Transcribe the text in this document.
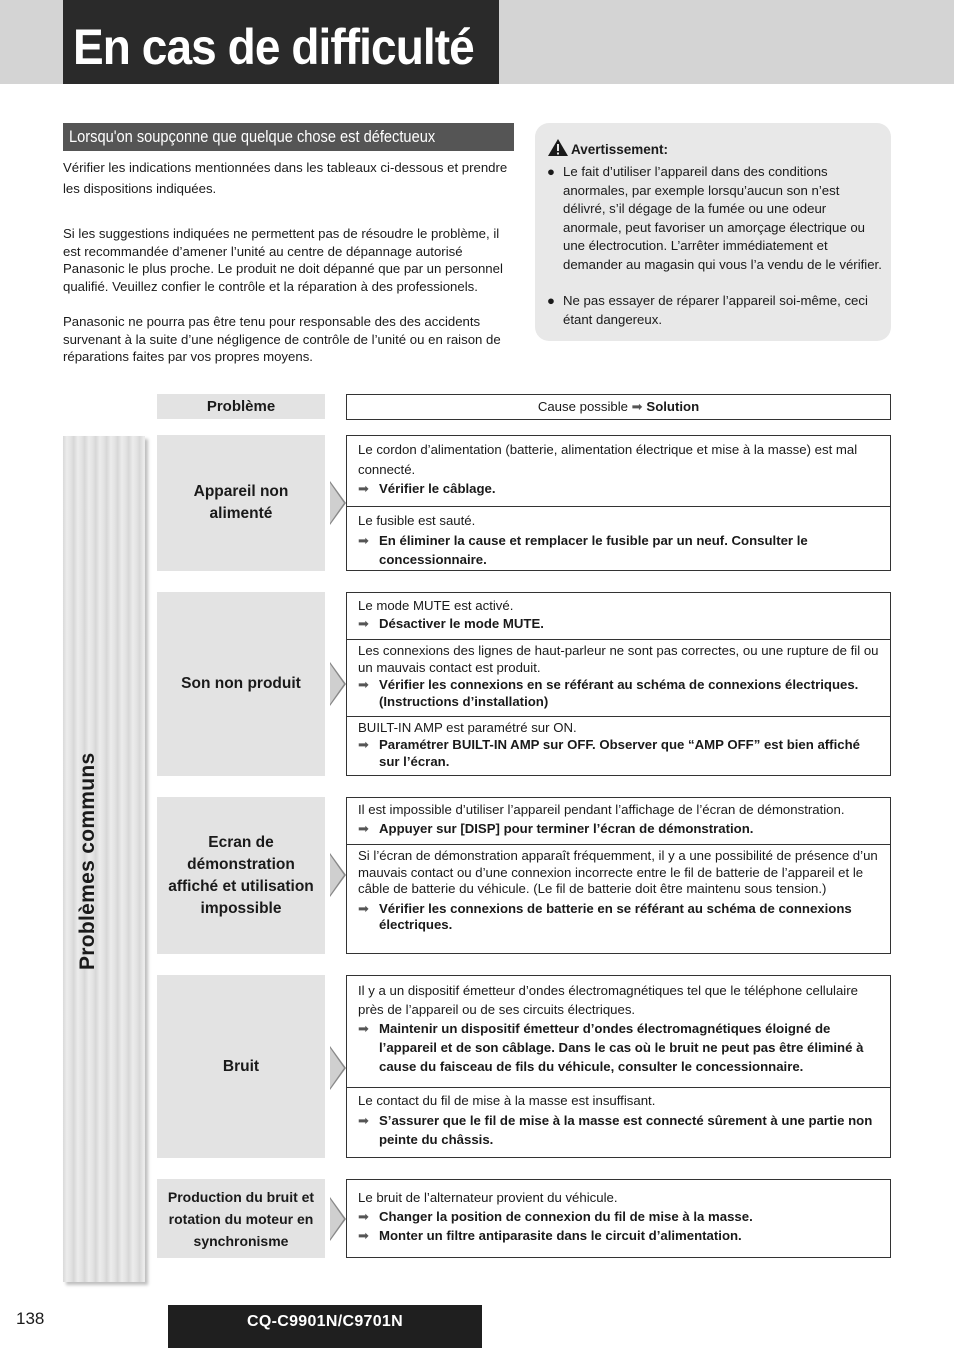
En cas de difficulté
Lorsqu'on soupçonne que quelque chose est défectueux
Vérifier les indications mentionnées dans les tableaux ci-dessous et prendre les dispositions indiquées.
Si les suggestions indiquées ne permettent pas de résoudre le problème, il est recommandée d’amener l’unité au centre de dépannage autorisé Panasonic le plus proche. Le produit ne doit dépanné que par un personnel qualifié. Veuillez confier le contrôle et la réparation à des professionels.
Panasonic ne pourra pas être tenu pour responsable des des accidents survenant à la suite d’une négligence de contrôle de l’unité ou en raison de réparations faites par vos propres moyens.
Avertissement:
● Le fait d’utiliser l’appareil dans des conditions anormales, par exemple lorsqu’aucun son n’est délivré, s’il dégage de la fumée ou une odeur anormale, peut favoriser un amorçage électrique ou une électrocution. L’arrêter immédiatement et demander au magasin qui vous l’a vendu de le vérifier.
● Ne pas essayer de réparer l’appareil soi-même, ceci étant dangereux.
Problème	Cause possible ➡ Solution
Problèmes communs
Appareil non alimenté
Le cordon d’alimentation (batterie, alimentation électrique et mise à la masse) est mal connecté.
➡ Vérifier le câblage.
Le fusible est sauté.
➡ En éliminer la cause et remplacer le fusible par un neuf. Consulter le concessionnaire.
Son non produit
Le mode MUTE est activé.
➡ Désactiver le mode MUTE.
Les connexions des lignes de haut-parleur ne sont pas correctes, ou une rupture de fil ou un mauvais contact est produit.
➡ Vérifier les connexions en se référant au schéma de connexions électriques. (Instructions d’installation)
BUILT-IN AMP est paramétré sur ON.
➡ Paramétrer BUILT-IN AMP sur OFF. Observer que “AMP OFF” est bien affiché sur l’écran.
Ecran de démonstration affiché et utilisation impossible
Il est impossible d’utiliser l’appareil pendant l’affichage de l’écran de démonstration.
➡ Appuyer sur [DISP] pour terminer l’écran de démonstration.
Si l’écran de démonstration apparaît fréquemment, il y a une possibilité de présence d’un mauvais contact ou d’une connexion incorrecte entre le fil de batterie de l’appareil et le câble de batterie du véhicule. (Le fil de batterie doit être maintenu sous tension.)
➡ Vérifier les connexions de batterie en se référant au schéma de connexions électriques.
Bruit
Il y a un dispositif émetteur d’ondes électromagnétiques tel que le téléphone cellulaire près de l’appareil ou de ses circuits électriques.
➡ Maintenir un dispositif émetteur d’ondes électromagnétiques éloigné de l’appareil et de son câblage. Dans le cas où le bruit ne peut pas être éliminé à cause du faisceau de fils du véhicule, consulter le concessionnaire.
Le contact du fil de mise à la masse est insuffisant.
➡ S’assurer que le fil de mise à la masse est connecté sûrement à une partie non peinte du châssis.
Production du bruit et rotation du moteur en synchronisme
Le bruit de l’alternateur provient du véhicule.
➡ Changer la position de connexion du fil de mise à la masse.
➡ Monter un filtre antiparasite dans le circuit d’alimentation.
138	CQ-C9901N/C9701N
